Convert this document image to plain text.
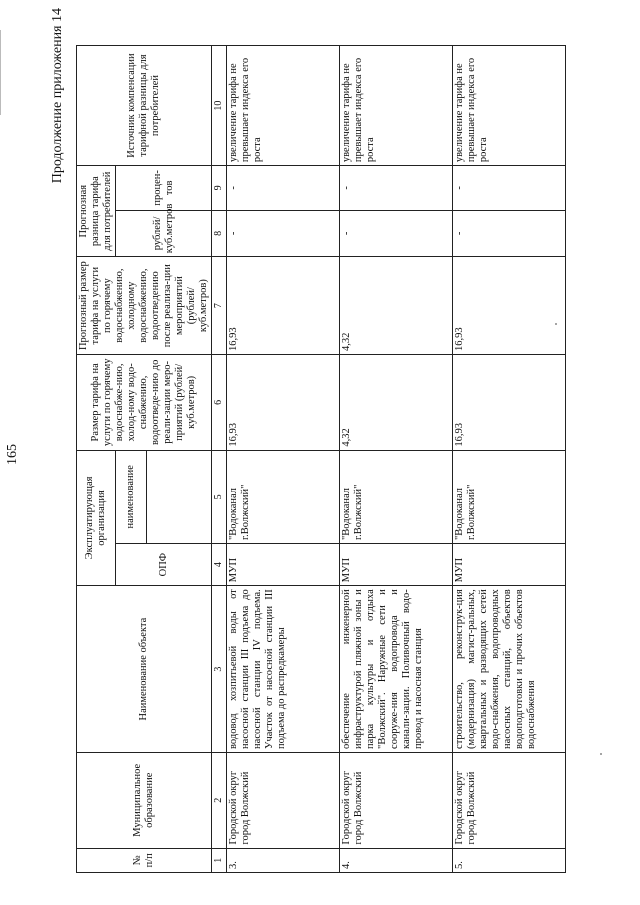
165
Продолжение приложения 14
№ п/п	Муниципальное образование	Наименование объекта	Эксплуатирующая организация		Размер тарифа на услуги по горячему водоснабже-нию, холод-ному водо-снабжению, водоотведе-нию до реали-зации меро-приятий (рублей/ куб.метров)	Прогнозный размер тарифа на услуги по горячему водоснабжению, холодному водоснабжению, водоотведению после реализа-ции мероприятий (рублей/ куб.метров)	Прогнозная разница тарифа для потребителей		Источник компенсации тарифной разницы для потребителей
			ОПФ	наименование			рублей/ куб.метров	процен-тов	

1	2	3	4	5	6	7	8	9	10
3.	Городской округ город Волжский	водовод хозпитьевой воды от насосной станции III подъема до насосной станции IV подъема. Участок от насосной станции III подъема до распредкамеры	МУП	"Водоканал г.Волжский"	16,93	16,93	-	-	увеличение тарифа не превышает индекса его роста
4.	Городской округ город Волжский	обеспечение инженерной инфраструктурой пляжной зоны и парка культуры и отдыха "Волжский". Наружные сети и сооруже-ния водопровода и канали-зации. Поливочный водо-провод и насосная станция	МУП	"Водоканал г.Волжский"	4,32	4,32	-	-	увеличение тарифа не превышает индекса его роста
5.	Городской округ город Волжский	строительство, реконструк-ция (модернизация) магист-ральных, квартальных и разводящих сетей водо-снабжения, водопроводных насосных станций, объектов водоподготовки и прочих объектов водоснабжения	МУП	"Водоканал г.Волжский"	16,93	16,93	-	-	увеличение тарифа не превышает индекса его роста
